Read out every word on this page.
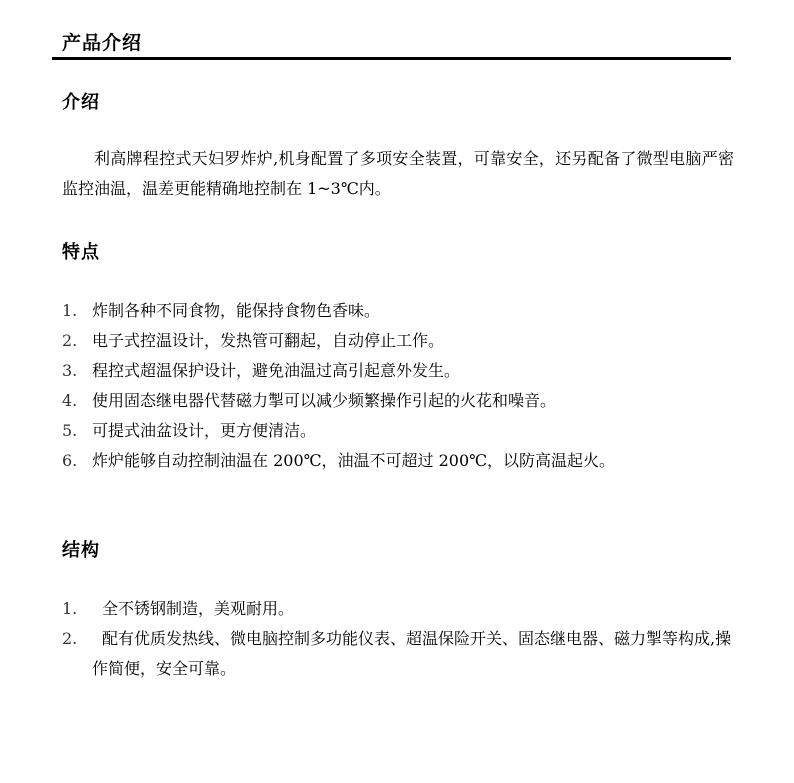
产品介绍
介绍
利高牌程控式天妇罗炸炉,机身配置了多项安全装置，可靠安全，还另配备了微型电脑严密监控油温，温差更能精确地控制在 1~3℃内。
特点
1. 炸制各种不同食物，能保持食物色香味。
2. 电子式控温设计，发热管可翻起，自动停止工作。
3. 程控式超温保护设计，避免油温过高引起意外发生。
4. 使用固态继电器代替磁力掣可以减少频繁操作引起的火花和噪音。
5. 可提式油盆设计，更方便清洁。
6. 炸炉能够自动控制油温在 200℃，油温不可超过 200℃，以防高温起火。
结构
1. 全不锈钢制造，美观耐用。
2.	配有优质发热线、微电脑控制多功能仪表、超温保险开关、固态继电器、磁力掣等构成,操作简便，安全可靠。
